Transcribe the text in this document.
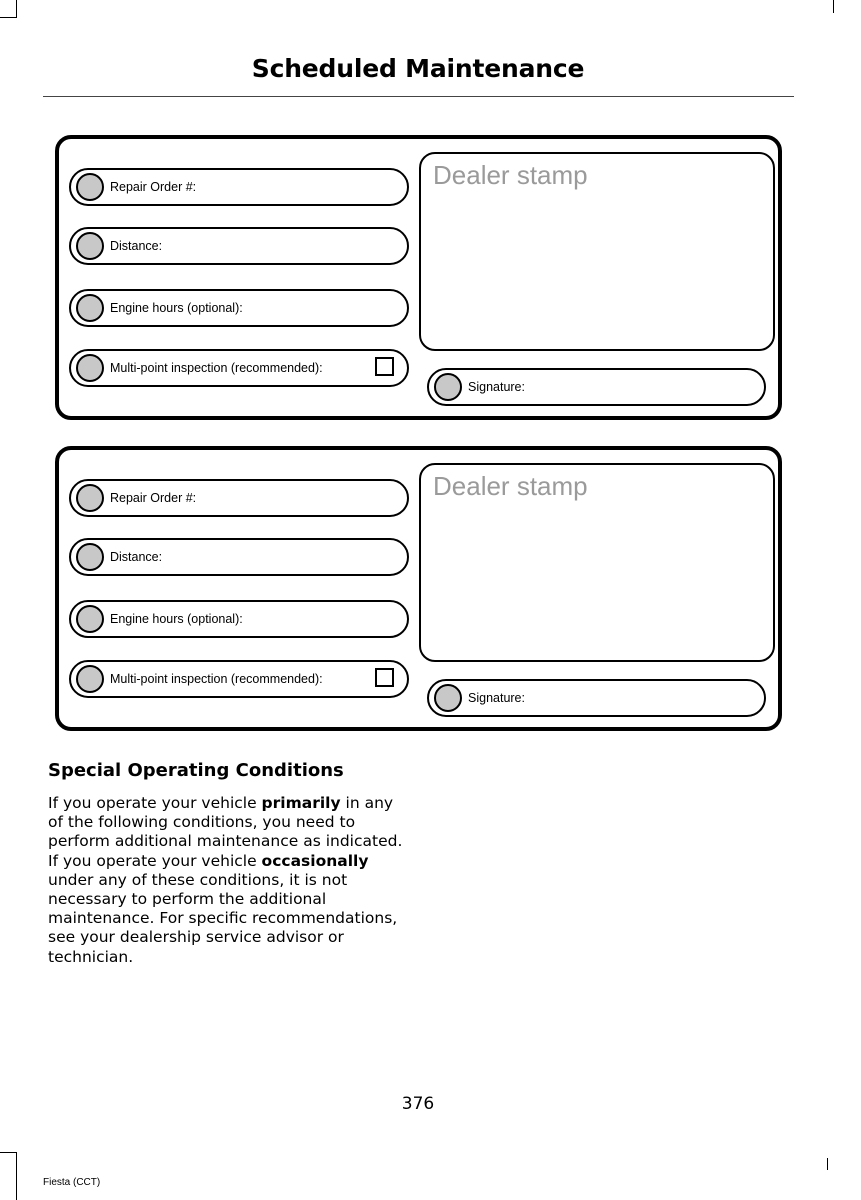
Scheduled Maintenance
Repair Order #:
Distance:
Engine hours (optional):
Multi-point inspection (recommended):
Dealer stamp
Signature:
Repair Order #:
Distance:
Engine hours (optional):
Multi-point inspection (recommended):
Dealer stamp
Signature:
Special Operating Conditions

If you operate your vehicle primarily in any of the following conditions, you need to perform additional maintenance as indicated. If you operate your vehicle occasionally under any of these conditions, it is not necessary to perform the additional maintenance. For specific recommendations, see your dealership service advisor or technician.

376
Fiesta (CCT)
